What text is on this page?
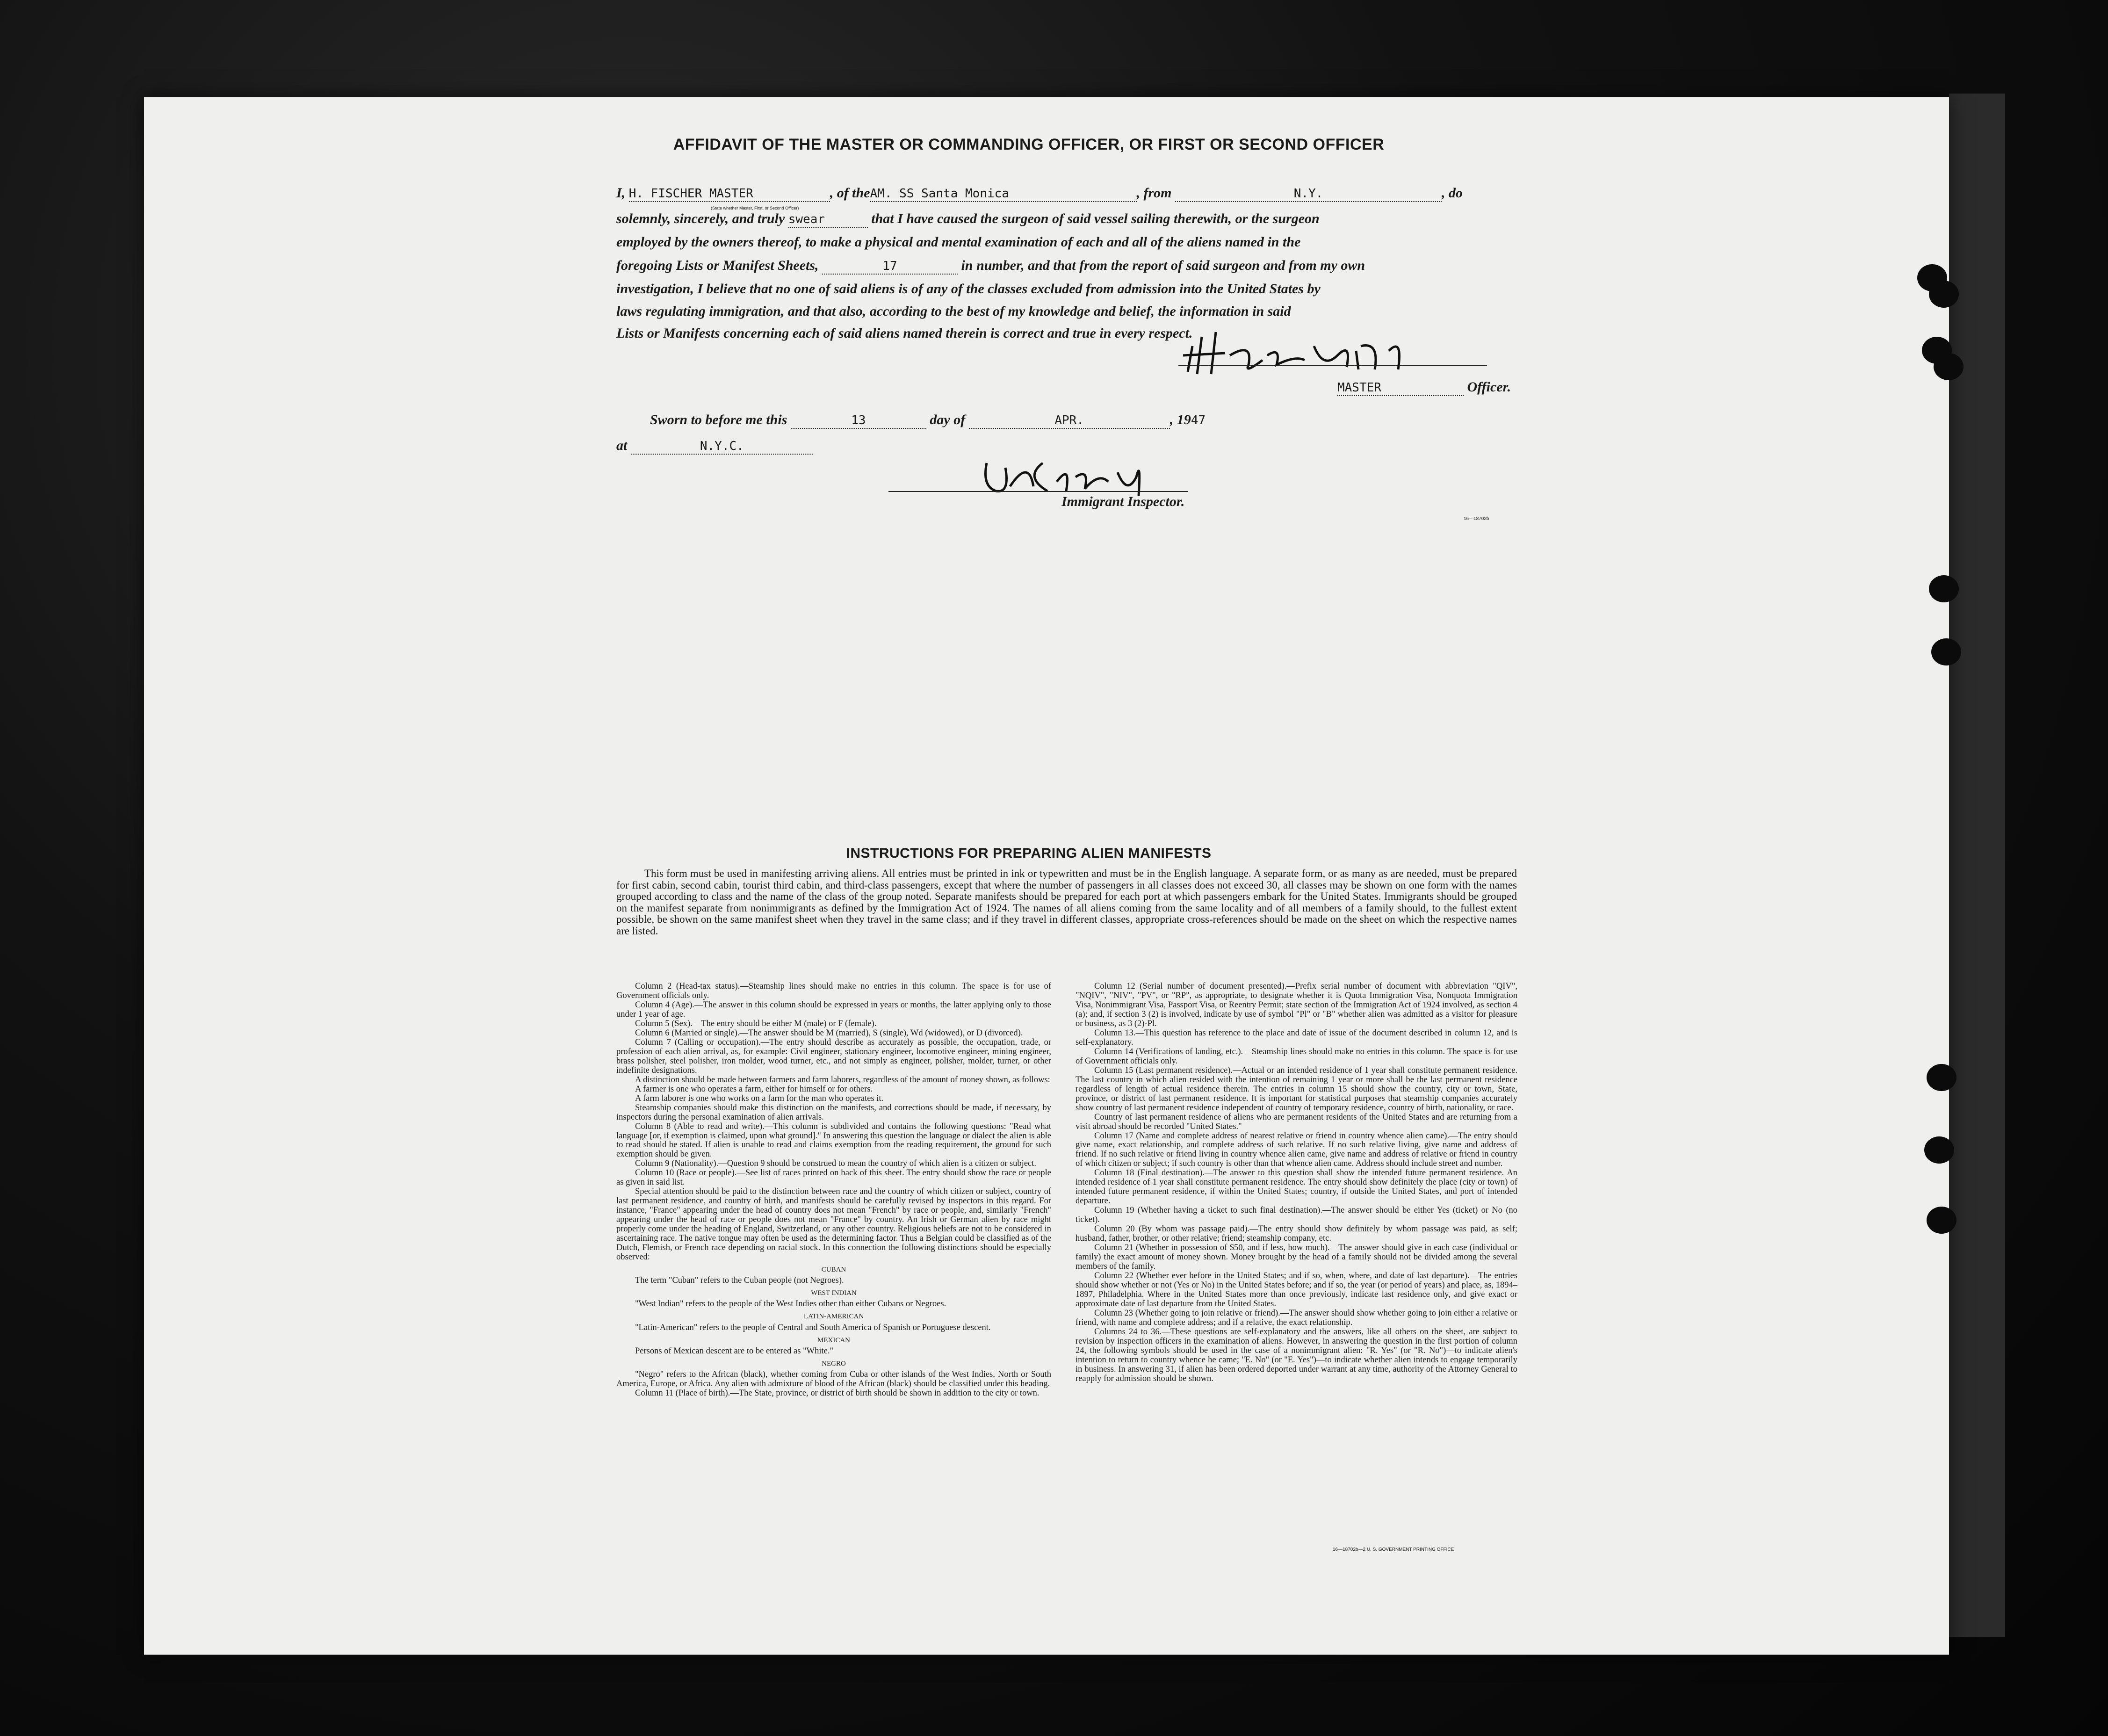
AFFIDAVIT OF THE MASTER OR COMMANDING OFFICER, OR FIRST OR SECOND OFFICER
I, H. FISCHER MASTER	, of theAM. SS Santa Monica	, from	N.Y.	, do
(State whether Master, First, or Second Officer)
solemnly, sincerely, and truly swear	that I have caused the surgeon of said vessel sailing therewith, or the surgeon
employed by the owners thereof, to make a physical and mental examination of each and all of the aliens named in the
foregoing Lists or Manifest Sheets,	17	in number, and that from the report of said surgeon and from my own
investigation, I believe that no one of said aliens is of any of the classes excluded from admission into the United States by
laws regulating immigration, and that also, according to the best of my knowledge and belief, the information in said
Lists or Manifests concerning each of said aliens named therein is correct and true in every respect.
MASTER	Officer.
Sworn to before me this	13	day of	APR.	, 1947
at	N.Y.C.
Immigrant Inspector.
16—18702b
INSTRUCTIONS FOR PREPARING ALIEN MANIFESTS
This form must be used in manifesting arriving aliens. All entries must be printed in ink or typewritten and must be in the English language. A separate form, or as many as are needed, must be prepared for first cabin, second cabin, tourist third cabin, and third-class passengers, except that where the number of passengers in all classes does not exceed 30, all classes may be shown on one form with the names grouped according to class and the name of the class of the group noted. Separate manifests should be prepared for each port at which passengers embark for the United States. Immigrants should be grouped on the manifest separate from nonimmigrants as defined by the Immigration Act of 1924. The names of all aliens coming from the same locality and of all members of a family should, to the fullest extent possible, be shown on the same manifest sheet when they travel in the same class; and if they travel in different classes, appropriate cross-references should be made on the sheet on which the respective names are listed.

Column 2 (Head-tax status).—Steamship lines should make no entries in this column. The space is for use of Government officials only.

Column 4 (Age).—The answer in this column should be expressed in years or months, the latter applying only to those under 1 year of age.

Column 5 (Sex).—The entry should be either M (male) or F (female).

Column 6 (Married or single).—The answer should be M (married), S (single), Wd (widowed), or D (divorced).

Column 7 (Calling or occupation).—The entry should describe as accurately as possible, the occupation, trade, or profession of each alien arrival, as, for example: Civil engineer, stationary engineer, locomotive engineer, mining engineer, brass polisher, steel polisher, iron molder, wood turner, etc., and not simply as engineer, polisher, molder, turner, or other indefinite designations.

A distinction should be made between farmers and farm laborers, regardless of the amount of money shown, as follows:

A farmer is one who operates a farm, either for himself or for others.

A farm laborer is one who works on a farm for the man who operates it.

Steamship companies should make this distinction on the manifests, and corrections should be made, if necessary, by inspectors during the personal examination of alien arrivals.

Column 8 (Able to read and write).—This column is subdivided and contains the following questions: "Read what language [or, if exemption is claimed, upon what ground]." In answering this question the language or dialect the alien is able to read should be stated. If alien is unable to read and claims exemption from the reading requirement, the ground for such exemption should be given.

Column 9 (Nationality).—Question 9 should be construed to mean the country of which alien is a citizen or subject.

Column 10 (Race or people).—See list of races printed on back of this sheet. The entry should show the race or people as given in said list.

Special attention should be paid to the distinction between race and the country of which citizen or subject, country of last permanent residence, and country of birth, and manifests should be carefully revised by inspectors in this regard. For instance, "France" appearing under the head of country does not mean "French" by race or people, and, similarly "French" appearing under the head of race or people does not mean "France" by country. An Irish or German alien by race might properly come under the heading of England, Switzerland, or any other country. Religious beliefs are not to be considered in ascertaining race. The native tongue may often be used as the determining factor. Thus a Belgian could be classified as of the Dutch, Flemish, or French race depending on racial stock. In this connection the following distinctions should be especially observed:

CUBAN

The term "Cuban" refers to the Cuban people (not Negroes).

WEST INDIAN

"West Indian" refers to the people of the West Indies other than either Cubans or Negroes.

LATIN-AMERICAN

"Latin-American" refers to the people of Central and South America of Spanish or Portuguese descent.

MEXICAN

Persons of Mexican descent are to be entered as "White."

NEGRO

"Negro" refers to the African (black), whether coming from Cuba or other islands of the West Indies, North or South America, Europe, or Africa. Any alien with admixture of blood of the African (black) should be classified under this heading.

Column 11 (Place of birth).—The State, province, or district of birth should be shown in addition to the city or town.

Column 12 (Serial number of document presented).—Prefix serial number of document with abbreviation "QIV", "NQIV", "NIV", "PV", or "RP", as appropriate, to designate whether it is Quota Immigration Visa, Nonquota Immigration Visa, Nonimmigrant Visa, Passport Visa, or Reentry Permit; state section of the Immigration Act of 1924 involved, as section 4 (a); and, if section 3 (2) is involved, indicate by use of symbol "Pl" or "B" whether alien was admitted as a visitor for pleasure or business, as 3 (2)-Pl.

Column 13.—This question has reference to the place and date of issue of the document described in column 12, and is self-explanatory.

Column 14 (Verifications of landing, etc.).—Steamship lines should make no entries in this column. The space is for use of Government officials only.

Column 15 (Last permanent residence).—Actual or an intended residence of 1 year shall constitute permanent residence. The last country in which alien resided with the intention of remaining 1 year or more shall be the last permanent residence regardless of length of actual residence therein. The entries in column 15 should show the country, city or town, State, province, or district of last permanent residence. It is important for statistical purposes that steamship companies accurately show country of last permanent residence independent of country of temporary residence, country of birth, nationality, or race.

Country of last permanent residence of aliens who are permanent residents of the United States and are returning from a visit abroad should be recorded "United States."

Column 17 (Name and complete address of nearest relative or friend in country whence alien came).—The entry should give name, exact relationship, and complete address of such relative. If no such relative living, give name and address of friend. If no such relative or friend living in country whence alien came, give name and address of relative or friend in country of which citizen or subject; if such country is other than that whence alien came. Address should include street and number.

Column 18 (Final destination).—The answer to this question shall show the intended future permanent residence. An intended residence of 1 year shall constitute permanent residence. The entry should show definitely the place (city or town) of intended future permanent residence, if within the United States; country, if outside the United States, and port of intended departure.

Column 19 (Whether having a ticket to such final destination).—The answer should be either Yes (ticket) or No (no ticket).

Column 20 (By whom was passage paid).—The entry should show definitely by whom passage was paid, as self; husband, father, brother, or other relative; friend; steamship company, etc.

Column 21 (Whether in possession of $50, and if less, how much).—The answer should give in each case (individual or family) the exact amount of money shown. Money brought by the head of a family should not be divided among the several members of the family.

Column 22 (Whether ever before in the United States; and if so, when, where, and date of last departure).—The entries should show whether or not (Yes or No) in the United States before; and if so, the year (or period of years) and place, as, 1894–1897, Philadelphia. Where in the United States more than once previously, indicate last residence only, and give exact or approximate date of last departure from the United States.

Column 23 (Whether going to join relative or friend).—The answer should show whether going to join either a relative or friend, with name and complete address; and if a relative, the exact relationship.

Columns 24 to 36.—These questions are self-explanatory and the answers, like all others on the sheet, are subject to revision by inspection officers in the examination of aliens. However, in answering the question in the first portion of column 24, the following symbols should be used in the case of a nonimmigrant alien: "R. Yes" (or "R. No")—to indicate alien's intention to return to country whence he came; "E. No" (or "E. Yes")—to indicate whether alien intends to engage temporarily in business. In answering 31, if alien has been ordered deported under warrant at any time, authority of the Attorney General to reapply for admission should be shown.

16—18702b—2 U. S. GOVERNMENT PRINTING OFFICE
